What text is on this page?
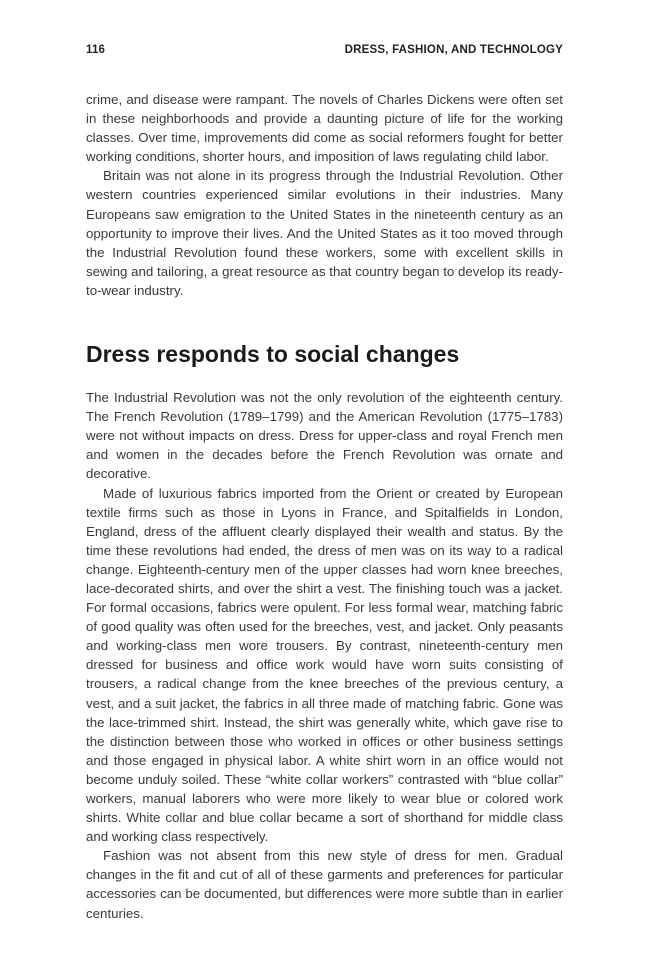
116	DRESS, FASHION, AND TECHNOLOGY

crime, and disease were rampant. The novels of Charles Dickens were often set in these neighborhoods and provide a daunting picture of life for the working classes. Over time, improvements did come as social reformers fought for better working conditions, shorter hours, and imposition of laws regulating child labor.

Britain was not alone in its progress through the Industrial Revolution. Other western countries experienced similar evolutions in their industries. Many Europeans saw emigration to the United States in the nineteenth century as an opportunity to improve their lives. And the United States as it too moved through the Industrial Revolution found these workers, some with excellent skills in sewing and tailoring, a great resource as that country began to develop its ready-to-wear industry.

Dress responds to social changes

The Industrial Revolution was not the only revolution of the eighteenth century. The French Revolution (1789–1799) and the American Revolution (1775–1783) were not without impacts on dress. Dress for upper-class and royal French men and women in the decades before the French Revolution was ornate and decorative.

Made of luxurious fabrics imported from the Orient or created by European textile firms such as those in Lyons in France, and Spitalfields in London, England, dress of the affluent clearly displayed their wealth and status. By the time these revolutions had ended, the dress of men was on its way to a radical change. Eighteenth-century men of the upper classes had worn knee breeches, lace-decorated shirts, and over the shirt a vest. The finishing touch was a jacket. For formal occasions, fabrics were opulent. For less formal wear, matching fabric of good quality was often used for the breeches, vest, and jacket. Only peasants and working-class men wore trousers. By contrast, nineteenth-century men dressed for business and office work would have worn suits consisting of trousers, a radical change from the knee breeches of the previous century, a vest, and a suit jacket, the fabrics in all three made of matching fabric. Gone was the lace-trimmed shirt. Instead, the shirt was generally white, which gave rise to the distinction between those who worked in offices or other business settings and those engaged in physical labor. A white shirt worn in an office would not become unduly soiled. These “white collar workers” contrasted with “blue collar” workers, manual laborers who were more likely to wear blue or colored work shirts. White collar and blue collar became a sort of shorthand for middle class and working class respectively.

Fashion was not absent from this new style of dress for men. Gradual changes in the fit and cut of all of these garments and preferences for particular accessories can be documented, but differences were more subtle than in earlier centuries.
